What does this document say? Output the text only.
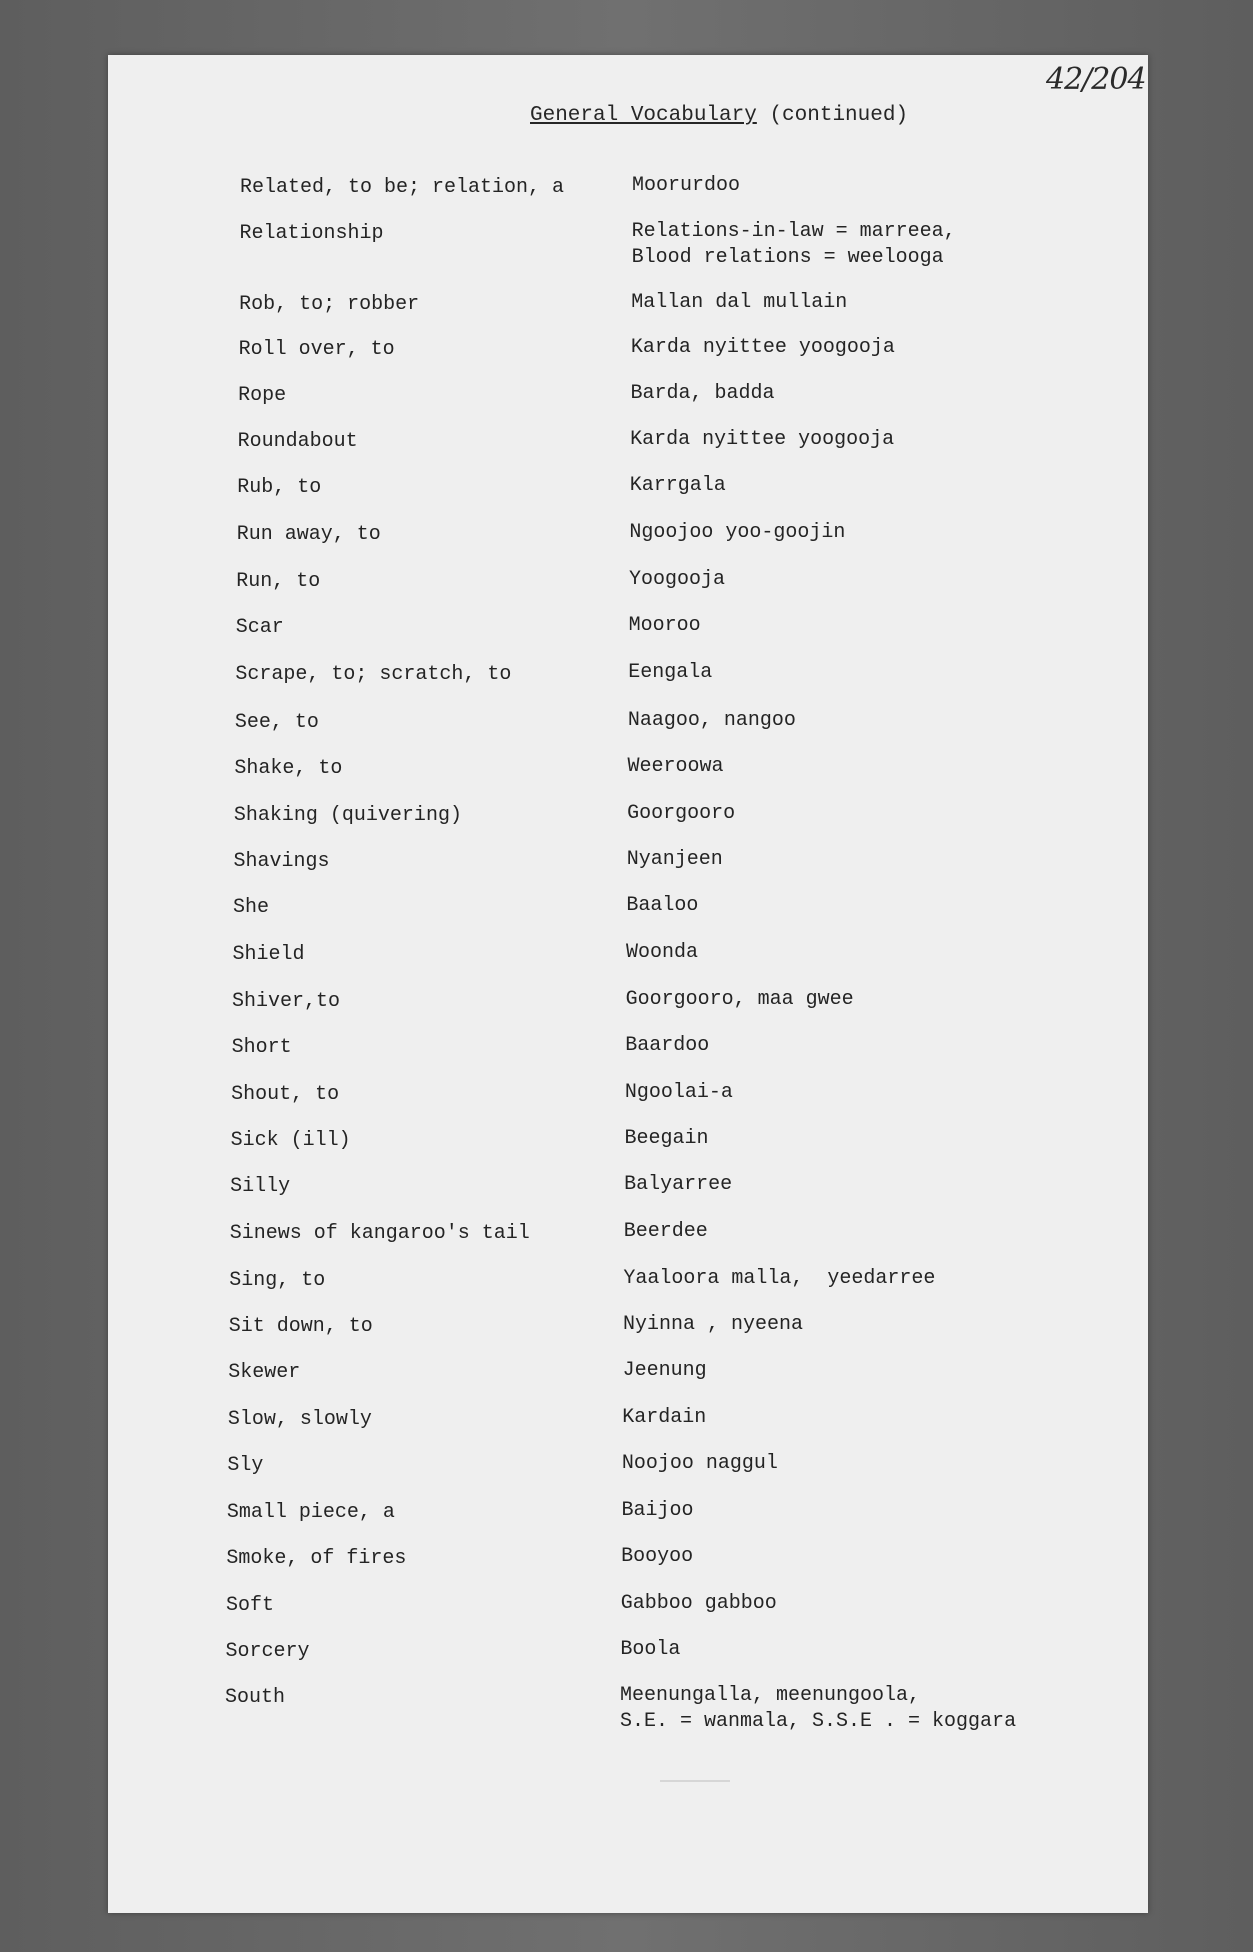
42/204
General Vocabulary (continued)
Related, to be; relation, a	Moorurdoo
Relationship	Relations-in-law = marreea,
Blood relations = weelooga
Rob, to; robber	Mallan dal mullain
Roll over, to	Karda nyittee yoogooja
Rope	Barda, badda
Roundabout	Karda nyittee yoogooja
Rub, to	Karrgala
Run away, to	Ngoojoo yoo-goojin
Run, to	Yoogooja
Scar	Mooroo
Scrape, to; scratch, to	Eengala
See, to	Naagoo, nangoo
Shake, to	Weeroowa
Shaking (quivering)	Goorgooro
Shavings	Nyanjeen
She	Baaloo
Shield	Woonda
Shiver,to	Goorgooro, maa gwee
Short	Baardoo
Shout, to	Ngoolai-a
Sick (ill)	Beegain
Silly	Balyarree
Sinews of kangaroo's tail	Beerdee
Sing, to	Yaaloora malla,  yeedarree
Sit down, to	Nyinna , nyeena
Skewer	Jeenung
Slow, slowly	Kardain
Sly	Noojoo naggul
Small piece, a	Baijoo
Smoke, of fires	Booyoo
Soft	Gabboo gabboo
Sorcery	Boola
South	Meenungalla, meenungoola,
S.E. = wanmala, S.S.E . = koggara
